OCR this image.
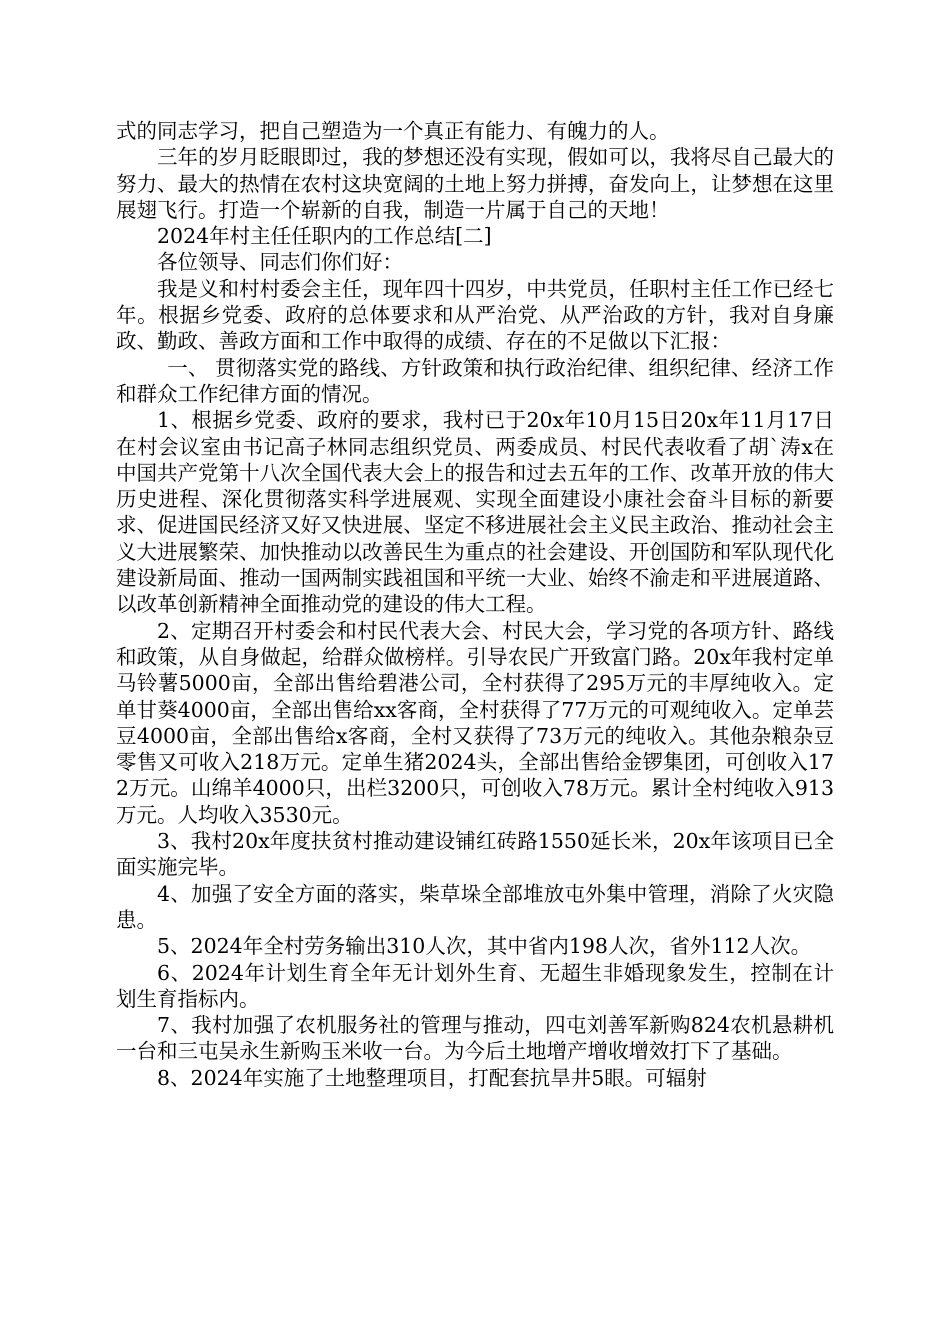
式的同志学习，把自己塑造为一个真正有能力、有魄力的人。

三年的岁月眨眼即过，我的梦想还没有实现，假如可以，我将尽自己最大的努力、最大的热情在农村这块宽阔的土地上努力拼搏，奋发向上，让梦想在这里展翅飞行。打造一个崭新的自我，制造一片属于自己的天地！

2024年村主任任职内的工作总结[二]

各位领导、同志们你们好：

我是义和村村委会主任，现年四十四岁，中共党员，任职村主任工作已经七年。根据乡党委、政府的总体要求和从严治党、从严治政的方针，我对自身廉政、勤政、善政方面和工作中取得的成绩、存在的不足做以下汇报：

一、 贯彻落实党的路线、方针政策和执行政治纪律、组织纪律、经济工作和群众工作纪律方面的情况。

1、根据乡党委、政府的要求，我村已于20x年10月15日20x年11月17日在村会议室由书记高子林同志组织党员、两委成员、村民代表收看了胡`涛x在中国共产党第十八次全国代表大会上的报告和过去五年的工作、改革开放的伟大历史进程、深化贯彻落实科学进展观、实现全面建设小康社会奋斗目标的新要求、促进国民经济又好又快进展、坚定不移进展社会主义民主政治、推动社会主义大进展繁荣、加快推动以改善民生为重点的社会建设、开创国防和军队现代化建设新局面、推动一国两制实践祖国和平统一大业、始终不渝走和平进展道路、以改革创新精神全面推动党的建设的伟大工程。

2、定期召开村委会和村民代表大会、村民大会，学习党的各项方针、路线和政策，从自身做起，给群众做榜样。引导农民广开致富门路。20x年我村定单马铃薯5000亩，全部出售给碧港公司，全村获得了295万元的丰厚纯收入。定单甘葵4000亩，全部出售给xx客商，全村获得了77万元的可观纯收入。定单芸豆4000亩，全部出售给x客商，全村又获得了73万元的纯收入。其他杂粮杂豆零售又可收入218万元。定单生猪2024头，全部出售给金锣集团，可创收入172万元。山绵羊4000只，出栏3200只，可创收入78万元。累计全村纯收入913万元。人均收入3530元。

3、我村20x年度扶贫村推动建设铺红砖路1550延长米，20x年该项目已全面实施完毕。

4、加强了安全方面的落实，柴草垛全部堆放屯外集中管理，消除了火灾隐患。

5、2024年全村劳务输出310人次，其中省内198人次，省外112人次。

6、2024年计划生育全年无计划外生育、无超生非婚现象发生，控制在计划生育指标内。

7、我村加强了农机服务社的管理与推动，四屯刘善军新购824农机悬耕机一台和三屯吴永生新购玉米收一台。为今后土地增产增收增效打下了基础。

8、2024年实施了土地整理项目，打配套抗旱井5眼。可辐射
